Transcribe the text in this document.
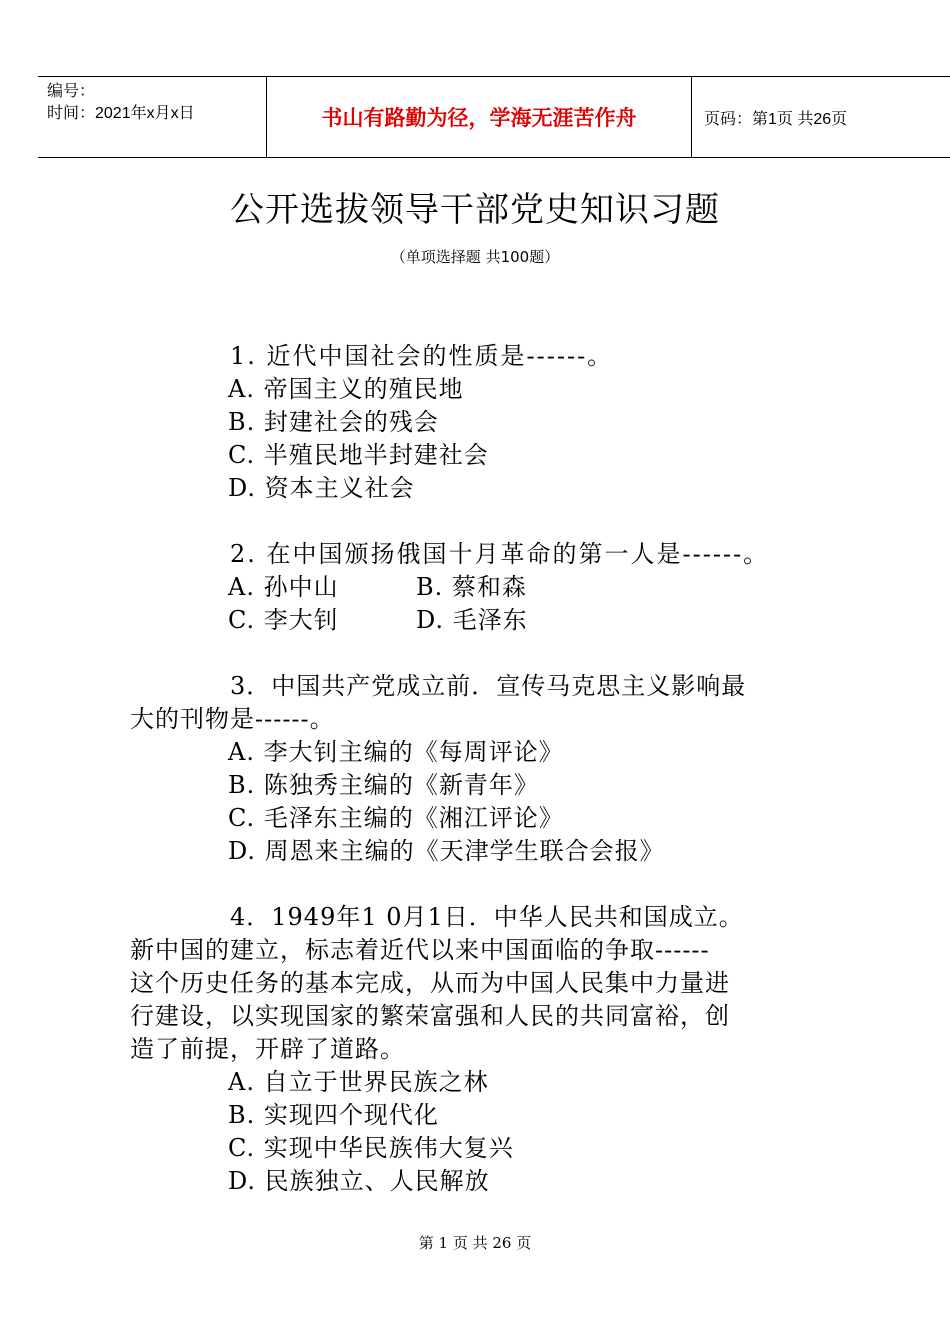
编号：
时间：2021年x月x日	书山有路勤为径，学海无涯苦作舟	页码：第1页 共26页
公开选拔领导干部党史知识习题
（单项选择题 共100题）

1. 近代中国社会的性质是------。

A. 帝国主义的殖民地

B. 封建社会的残会

C. 半殖民地半封建社会

D. 资本主义社会

2. 在中国颁扬俄国十月革命的第一人是------。

A. 孙中山	B. 蔡和森
C. 李大钊	D. 毛泽东

3．中国共产党成立前．宣传马克思主义影响最

大的刊物是------。

A. 李大钊主编的《每周评论》

B. 陈独秀主编的《新青年》

C. 毛泽东主编的《湘江评论》

D. 周恩来主编的《天津学生联合会报》

4．1949年1 0月1日．中华人民共和国成立。

新中国的建立，标志着近代以来中国面临的争取------

这个历史任务的基本完成，从而为中国人民集中力量进

行建设，以实现国家的繁荣富强和人民的共同富裕，创

造了前提，开辟了道路。

A. 自立于世界民族之林

B. 实现四个现代化

C. 实现中华民族伟大复兴

D. 民族独立、人民解放

第 1 页 共 26 页
